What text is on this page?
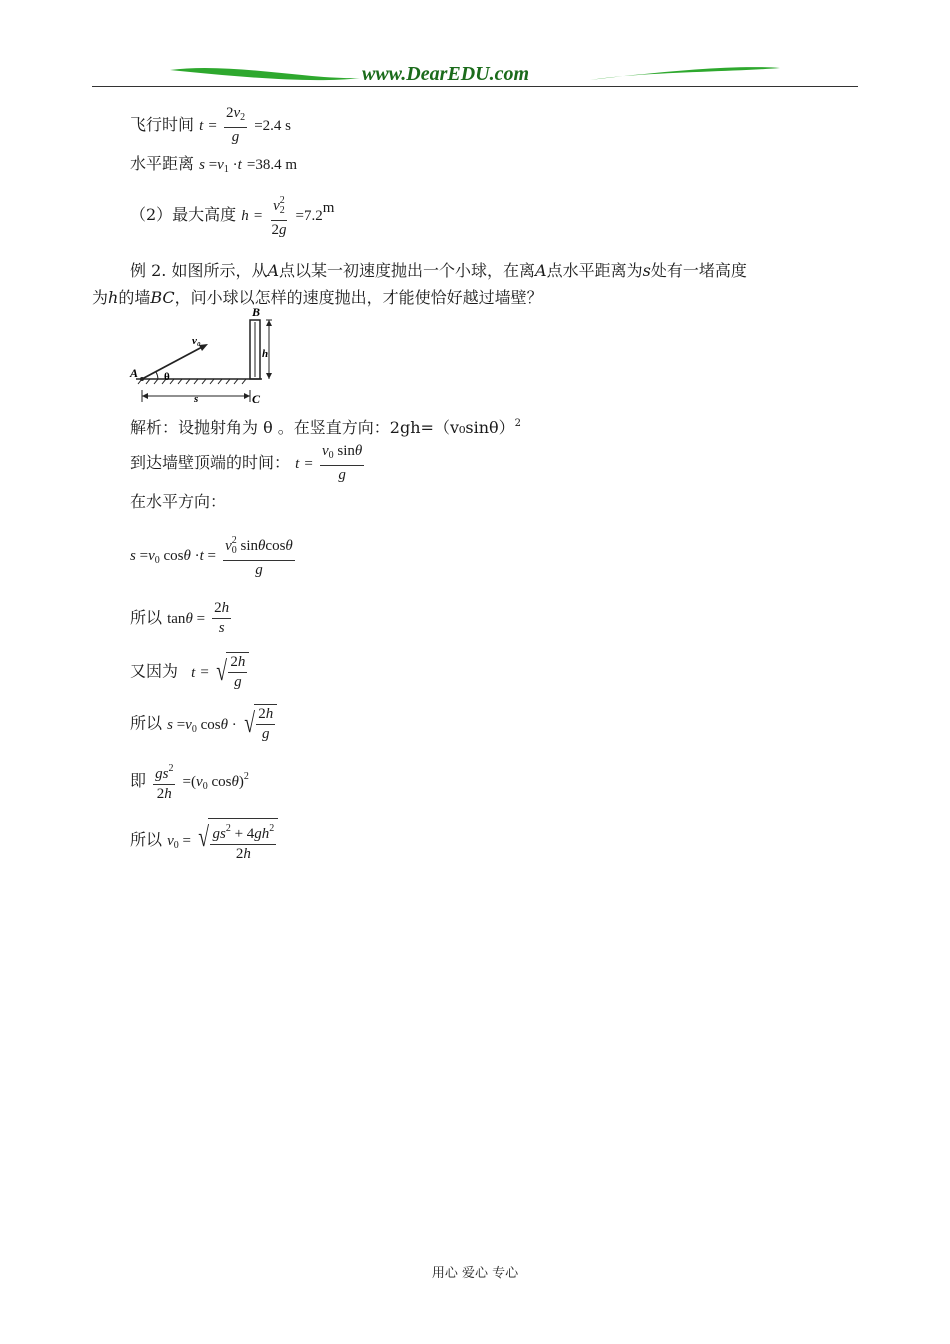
www.DearEDU.com
飞行时间 $t = \frac{2v_2}{g} =2.4$ s
水平距离 $s =v_1 \cdot t =38.4$ m
（2）最大高度 $h = \frac{v_2^2}{2g} =7.2m$
例 2. 如图所示，从A点以某一初速度抛出一个小球，在离A点水平距离为s处有一堵高度
为h的墙BC，问小球以怎样的速度抛出，才能使恰好越过墙壁？
A
B
C
h
s
v₀
θ
解析：设抛射角为 θ 。在竖直方向：$2gh=(v_0\sin\theta)^2$
到达墙壁顶端的时间： $t = \frac{v_0 \sin\theta}{g}$
在水平方向：
$s =v_0$ $\cos\theta \cdot t = \frac{v_0^2 \sin\theta\cos\theta}{g}$
所以 $\tan\theta = \frac{2h}{s}$
又因为 t = √ $\frac{2h}{g}$
所以 $s =v_0$ cosθ · √ $\frac{2h}{g}$
即 $\frac{gs^2}{2h} =(v_0$ cosθ)$^2$
所以 $v_0$ = √ $\frac{gs^2 + 4gh^2}{2h}$
用心 爱心 专心
